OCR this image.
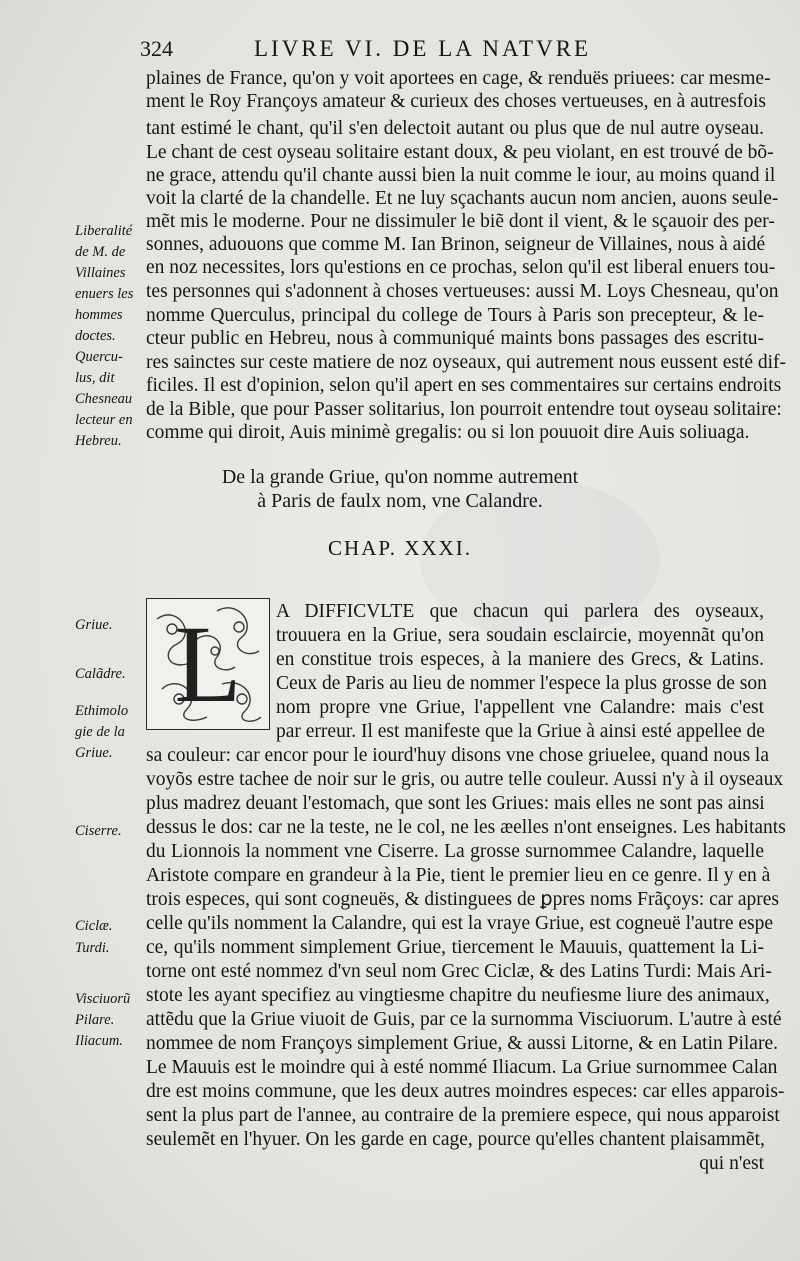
324	LIVRE VI. DE LA NATVRE
plaines de France, qu'on y voit aportees en cage, & renduës priuees: car mesme-
ment le Roy Françoys amateur & curieux des choses vertueuses, en à autresfois
tant estimé le chant, qu'il s'en delectoit autant ou plus que de nul autre oyseau.
Le chant de cest oyseau solitaire estant doux, & peu violant, en est trouvé de bõ-
ne grace, attendu qu'il chante aussi bien la nuit comme le iour, au moins quand il
voit la clarté de la chandelle. Et ne luy sçachants aucun nom ancien, auons seule-
mẽt mis le moderne. Pour ne dissimuler le biẽ dont il vient, & le sçauoir des per-
sonnes, aduouons que comme M. Ian Brinon, seigneur de Villaines, nous à aidé
en noz necessites, lors qu'estions en ce prochas, selon qu'il est liberal enuers tou-
tes personnes qui s'adonnent à choses vertueuses: aussi M. Loys Chesneau, qu'on
nomme Querculus, principal du college de Tours à Paris son precepteur, & le-
cteur public en Hebreu, nous à communiqué maints bons passages des escritu-
res sainctes sur ceste matiere de noz oyseaux, qui autrement nous eussent esté dif-
ficiles. Il est d'opinion, selon qu'il apert en ses commentaires sur certains endroits
de la Bible, que pour Passer solitarius, lon pourroit entendre tout oyseau solitaire:
comme qui diroit, Auis minimè gregalis: ou si lon pouuoit dire Auis soliuaga.
Liberalité
de M. de
Villaines
enuers les
hommes
doctes.
Quercu-
lus, dit
Chesneau
lecteur en
Hebreu.
De la grande Griue, qu'on nomme autrement
à Paris de faulx nom, vne Calandre.
CHAP. XXXI.
L	A DIFFICVLTE que chacun qui parlera des oyseaux,
trouuera en la Griue, sera soudain esclaircie, moyennãt qu'on
en constitue trois especes, à la maniere des Grecs, & Latins.
Ceux de Paris au lieu de nommer l'espece la plus grosse de son
nom propre vne Griue, l'appellent vne Calandre: mais c'est
par erreur. Il est manifeste que la Griue à ainsi esté appellee de
sa couleur: car encor pour le iourd'huy disons vne chose griuelee, quand nous la
voyõs estre tachee de noir sur le gris, ou autre telle couleur. Aussi n'y à il oyseaux
plus madrez deuant l'estomach, que sont les Griues: mais elles ne sont pas ainsi
dessus le dos: car ne la teste, ne le col, ne les æelles n'ont enseignes. Les habitants
du Lionnois la nomment vne Ciserre. La grosse surnommee Calandre, laquelle
Aristote compare en grandeur à la Pie, tient le premier lieu en ce genre. Il y en à
trois especes, qui sont cogneuës, & distinguees de ꝑpres noms Frãçoys: car apres
celle qu'ils nomment la Calandre, qui est la vraye Griue, est cogneuë l'autre espe
ce, qu'ils nomment simplement Griue, tiercement le Mauuis, quattement la Li-
torne ont esté nommez d'vn seul nom Grec Ciclæ, & des Latins Turdi: Mais Ari-
stote les ayant specifiez au vingtiesme chapitre du neufiesme liure des animaux,
attẽdu que la Griue viuoit de Guis, par ce la surnomma Visciuorum. L'autre à esté
nommee de nom Françoys simplement Griue, & aussi Litorne, & en Latin Pilare.
Le Mauuis est le moindre qui à esté nommé Iliacum. La Griue surnommee Calan
dre est moins commune, que les deux autres moindres especes: car elles apparois-
sent la plus part de l'annee, au contraire de la premiere espece, qui nous apparoist
seulemẽt en l'hyuer. On les garde en cage, pource qu'elles chantent plaisammẽt,
qui n'est
Griue.
Calãdre.
Ethimolo
gie de la
Griue.
Ciserre.
Ciclæ.
Turdi.
Visciuorũ
Pilare.
Iliacum.
